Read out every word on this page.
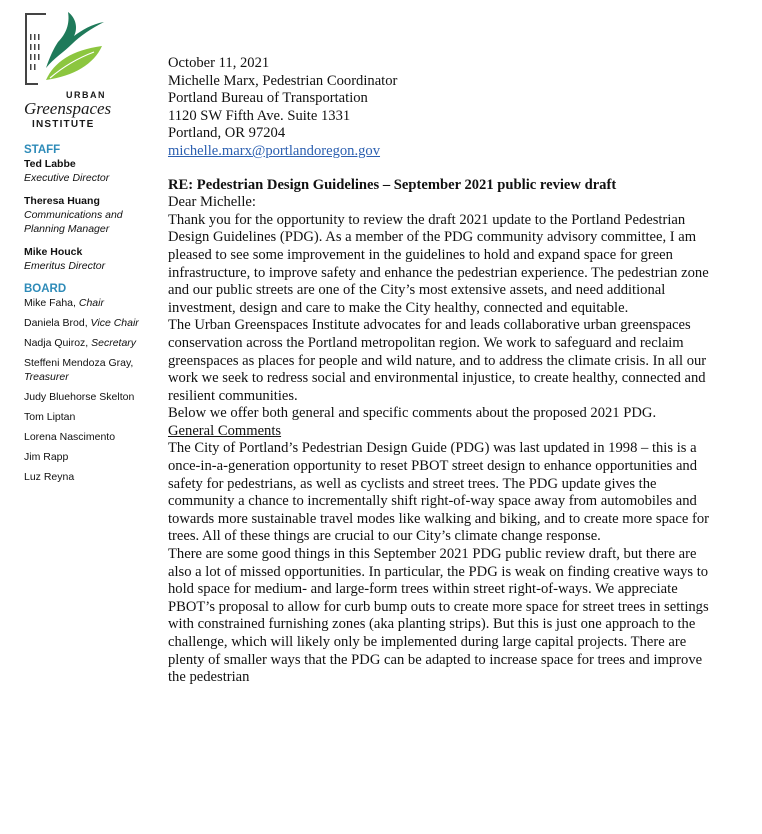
URBAN
Greenspaces
INSTITUTE
STAFF
Ted Labbe
Executive Director
Theresa Huang
Communications and Planning Manager
Mike Houck
Emeritus Director
BOARD
Mike Faha, Chair
Daniela Brod, Vice Chair
Nadja Quiroz, Secretary
Steffeni Mendoza Gray,
Treasurer
Judy Bluehorse Skelton
Tom Liptan
Lorena Nascimento
Jim Rapp
Luz Reyna

October 11, 2021

Michelle Marx, Pedestrian Coordinator
Portland Bureau of Transportation
1120 SW Fifth Ave. Suite 1331
Portland, OR 97204
michelle.marx@portlandoregon.gov

RE: Pedestrian Design Guidelines – September 2021 public review draft

Dear Michelle:

Thank you for the opportunity to review the draft 2021 update to the Portland Pedestrian Design Guidelines (PDG). As a member of the PDG community advisory committee, I am pleased to see some improvement in the guidelines to hold and expand space for green infrastructure, to improve safety and enhance the pedestrian experience. The pedestrian zone and our public streets are one of the City’s most extensive assets, and need additional investment, design and care to make the City healthy, connected and equitable.

The Urban Greenspaces Institute advocates for and leads collaborative urban greenspaces conservation across the Portland metropolitan region. We work to safeguard and reclaim greenspaces as places for people and wild nature, and to address the climate crisis. In all our work we seek to redress social and environmental injustice, to create healthy, connected and resilient communities.

Below we offer both general and specific comments about the proposed 2021 PDG.

General Comments

The City of Portland’s Pedestrian Design Guide (PDG) was last updated in 1998 – this is a once-in-a-generation opportunity to reset PBOT street design to enhance opportunities and safety for pedestrians, as well as cyclists and street trees. The PDG update gives the community a chance to incrementally shift right-of-way space away from automobiles and towards more sustainable travel modes like walking and biking, and to create more space for trees. All of these things are crucial to our City’s climate change response.

There are some good things in this September 2021 PDG public review draft, but there are also a lot of missed opportunities. In particular, the PDG is weak on finding creative ways to hold space for medium- and large-form trees within street right-of-ways. We appreciate PBOT’s proposal to allow for curb bump outs to create more space for street trees in settings with constrained furnishing zones (aka planting strips). But this is just one approach to the challenge, which will likely only be implemented during large capital projects. There are plenty of smaller ways that the PDG can be adapted to increase space for trees and improve the pedestrian
